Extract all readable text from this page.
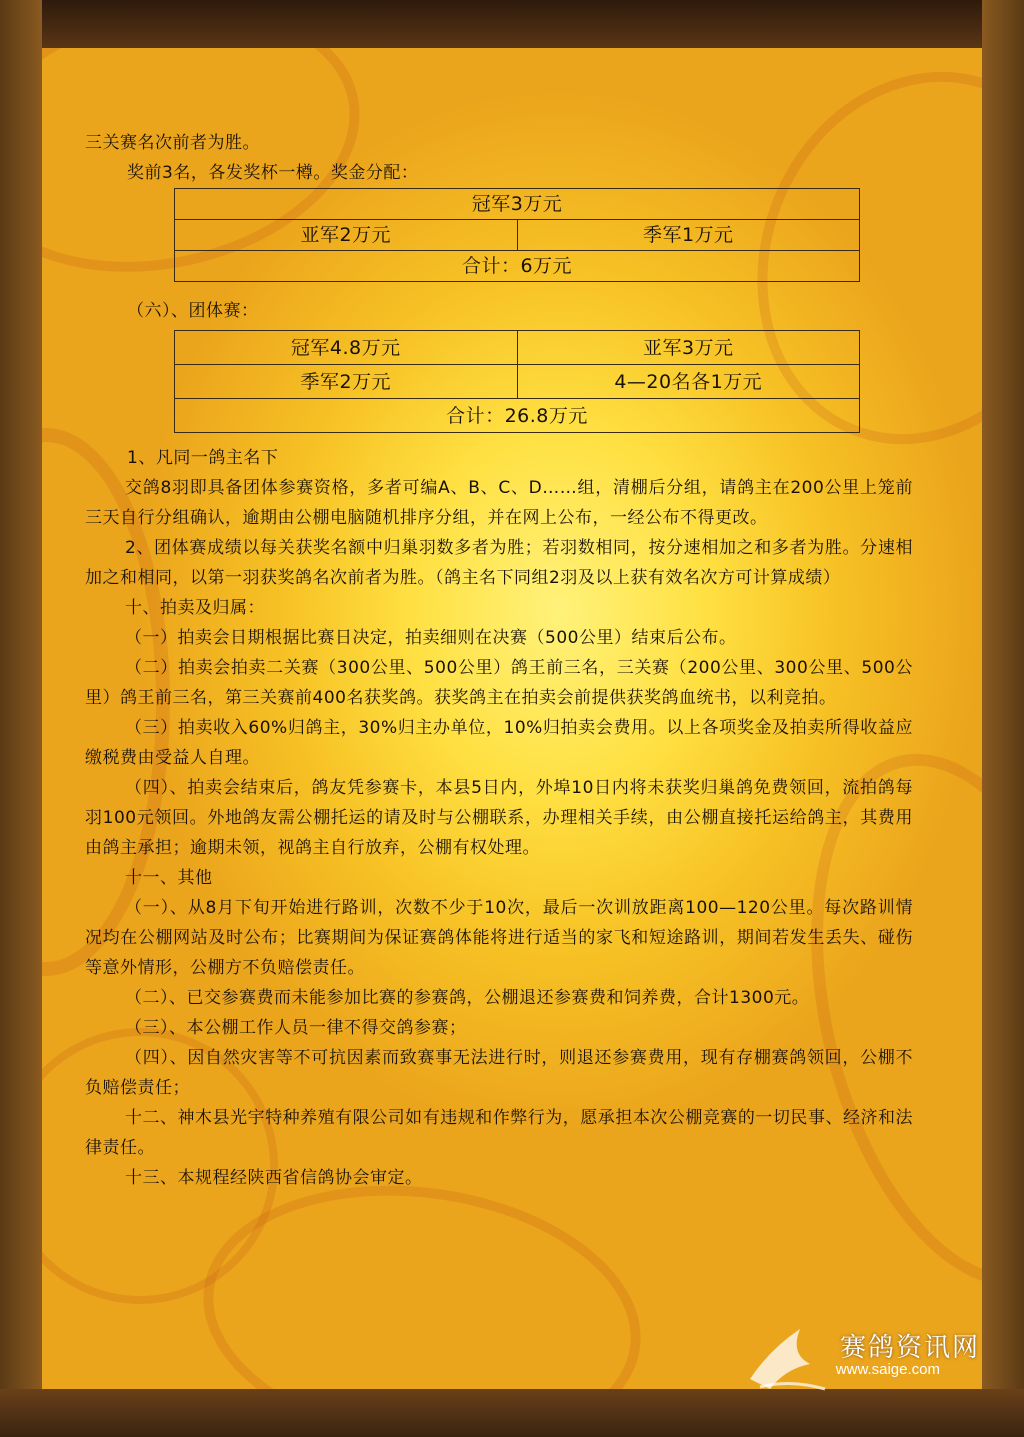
三关赛名次前者为胜。

奖前3名，各发奖杯一樽。奖金分配：

冠军3万元
亚军2万元	季军1万元
合计：6万元

（六）、团体赛：

冠军4.8万元	亚军3万元
季军2万元	4—20名各1万元
合计：26.8万元	

1、凡同一鸽主名下

交鸽8羽即具备团体参赛资格，多者可编A、B、C、D……组，清棚后分组，请鸽主在200公里上笼前三天自行分组确认，逾期由公棚电脑随机排序分组，并在网上公布，一经公布不得更改。

2、团体赛成绩以每关获奖名额中归巢羽数多者为胜；若羽数相同，按分速相加之和多者为胜。分速相加之和相同，以第一羽获奖鸽名次前者为胜。（鸽主名下同组2羽及以上获有效名次方可计算成绩）

十、拍卖及归属：

（一）拍卖会日期根据比赛日决定，拍卖细则在决赛（500公里）结束后公布。

（二）拍卖会拍卖二关赛（300公里、500公里）鸽王前三名，三关赛（200公里、300公里、500公里）鸽王前三名，第三关赛前400名获奖鸽。获奖鸽主在拍卖会前提供获奖鸽血统书，以利竞拍。

（三）拍卖收入60%归鸽主，30%归主办单位，10%归拍卖会费用。以上各项奖金及拍卖所得收益应缴税费由受益人自理。

（四）、拍卖会结束后，鸽友凭参赛卡，本县5日内，外埠10日内将未获奖归巢鸽免费领回，流拍鸽每羽100元领回。外地鸽友需公棚托运的请及时与公棚联系，办理相关手续，由公棚直接托运给鸽主，其费用由鸽主承担；逾期未领，视鸽主自行放弃，公棚有权处理。

十一、其他

（一）、从8月下旬开始进行路训，次数不少于10次，最后一次训放距离100—120公里。每次路训情况均在公棚网站及时公布；比赛期间为保证赛鸽体能将进行适当的家飞和短途路训，期间若发生丢失、碰伤等意外情形，公棚方不负赔偿责任。

（二）、已交参赛费而未能参加比赛的参赛鸽，公棚退还参赛费和饲养费，合计1300元。

（三）、本公棚工作人员一律不得交鸽参赛；

（四）、因自然灾害等不可抗因素而致赛事无法进行时，则退还参赛费用，现有存棚赛鸽领回，公棚不负赔偿责任；

十二、神木县光宇特种养殖有限公司如有违规和作弊行为，愿承担本次公棚竞赛的一切民事、经济和法律责任。

十三、本规程经陕西省信鸽协会审定。

赛鸽资讯网
www.saige.com
